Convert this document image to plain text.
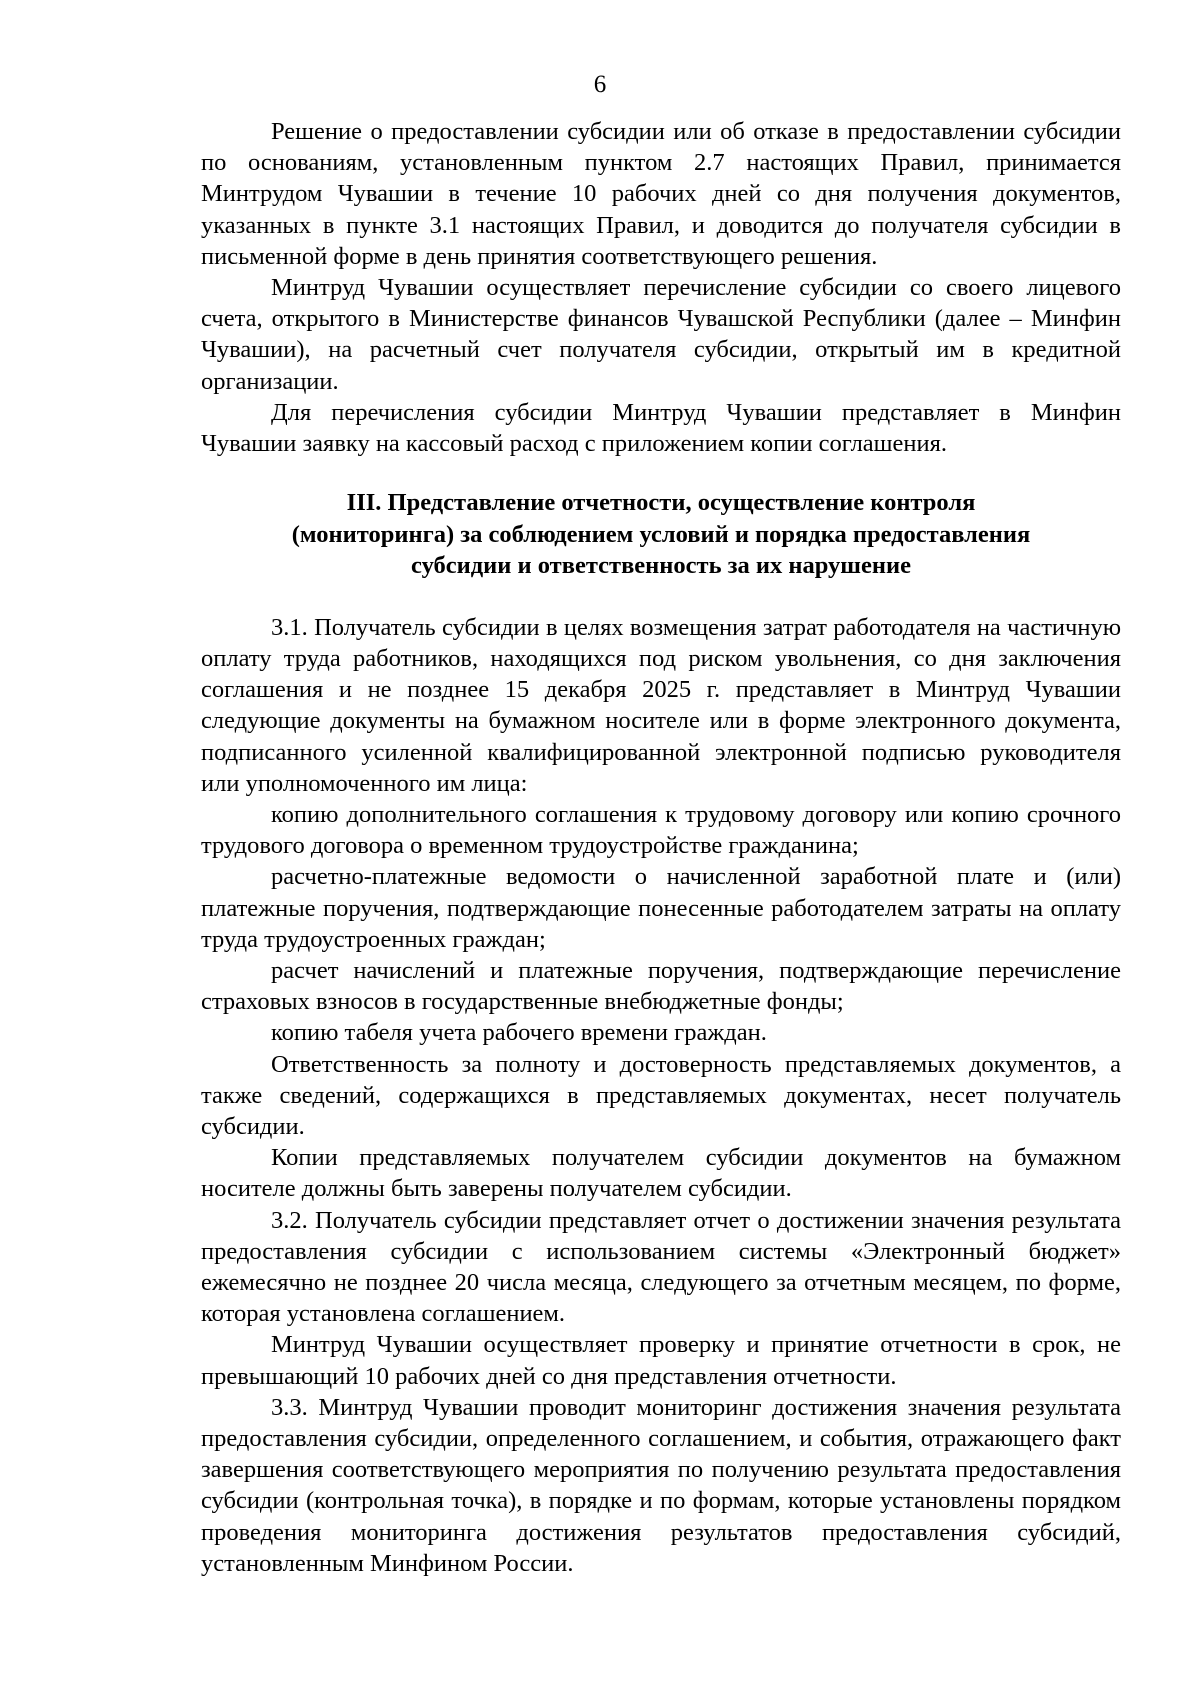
6

Решение о предоставлении субсидии или об отказе в предоставлении субсидии по основаниям, установленным пунктом 2.7 настоящих Правил, принимается Минтрудом Чувашии в течение 10 рабочих дней со дня получения документов, указанных в пункте 3.1 настоящих Правил, и доводится до получателя субсидии в письменной форме в день принятия соответствующего решения.

Минтруд Чувашии осуществляет перечисление субсидии со своего лицевого счета, открытого в Министерстве финансов Чувашской Республики (далее – Минфин Чувашии), на расчетный счет получателя субсидии, открытый им в кредитной организации.

Для перечисления субсидии Минтруд Чувашии представляет в Минфин Чувашии заявку на кассовый расход с приложением копии соглашения.

III. Представление отчетности, осуществление контроля
(мониторинга) за соблюдением условий и порядка предоставления
субсидии и ответственность за их нарушение

3.1. Получатель субсидии в целях возмещения затрат работодателя на частичную оплату труда работников, находящихся под риском увольнения, со дня заключения соглашения и не позднее 15 декабря 2025 г. представляет в Минтруд Чувашии следующие документы на бумажном носителе или в форме электронного документа, подписанного усиленной квалифицированной электронной подписью руководителя или уполномоченного им лица:

копию дополнительного соглашения к трудовому договору или копию срочного трудового договора о временном трудоустройстве гражданина;

расчетно-платежные ведомости о начисленной заработной плате и (или) платежные поручения, подтверждающие понесенные работодателем затраты на оплату труда трудоустроенных граждан;

расчет начислений и платежные поручения, подтверждающие перечисление страховых взносов в государственные внебюджетные фонды;

копию табеля учета рабочего времени граждан.

Ответственность за полноту и достоверность представляемых документов, а также сведений, содержащихся в представляемых документах, несет получатель субсидии.

Копии представляемых получателем субсидии документов на бумажном носителе должны быть заверены получателем субсидии.

3.2. Получатель субсидии представляет отчет о достижении значения результата предоставления субсидии с использованием системы «Электронный бюджет» ежемесячно не позднее 20 числа месяца, следующего за отчетным месяцем, по форме, которая установлена соглашением.

Минтруд Чувашии осуществляет проверку и принятие отчетности в срок, не превышающий 10 рабочих дней со дня представления отчетности.

3.3. Минтруд Чувашии проводит мониторинг достижения значения результата предоставления субсидии, определенного соглашением, и события, отражающего факт завершения соответствующего мероприятия по получению результата предоставления субсидии (контрольная точка), в порядке и по формам, которые установлены порядком проведения мониторинга достижения результатов предоставления субсидий, установленным Минфином России.
